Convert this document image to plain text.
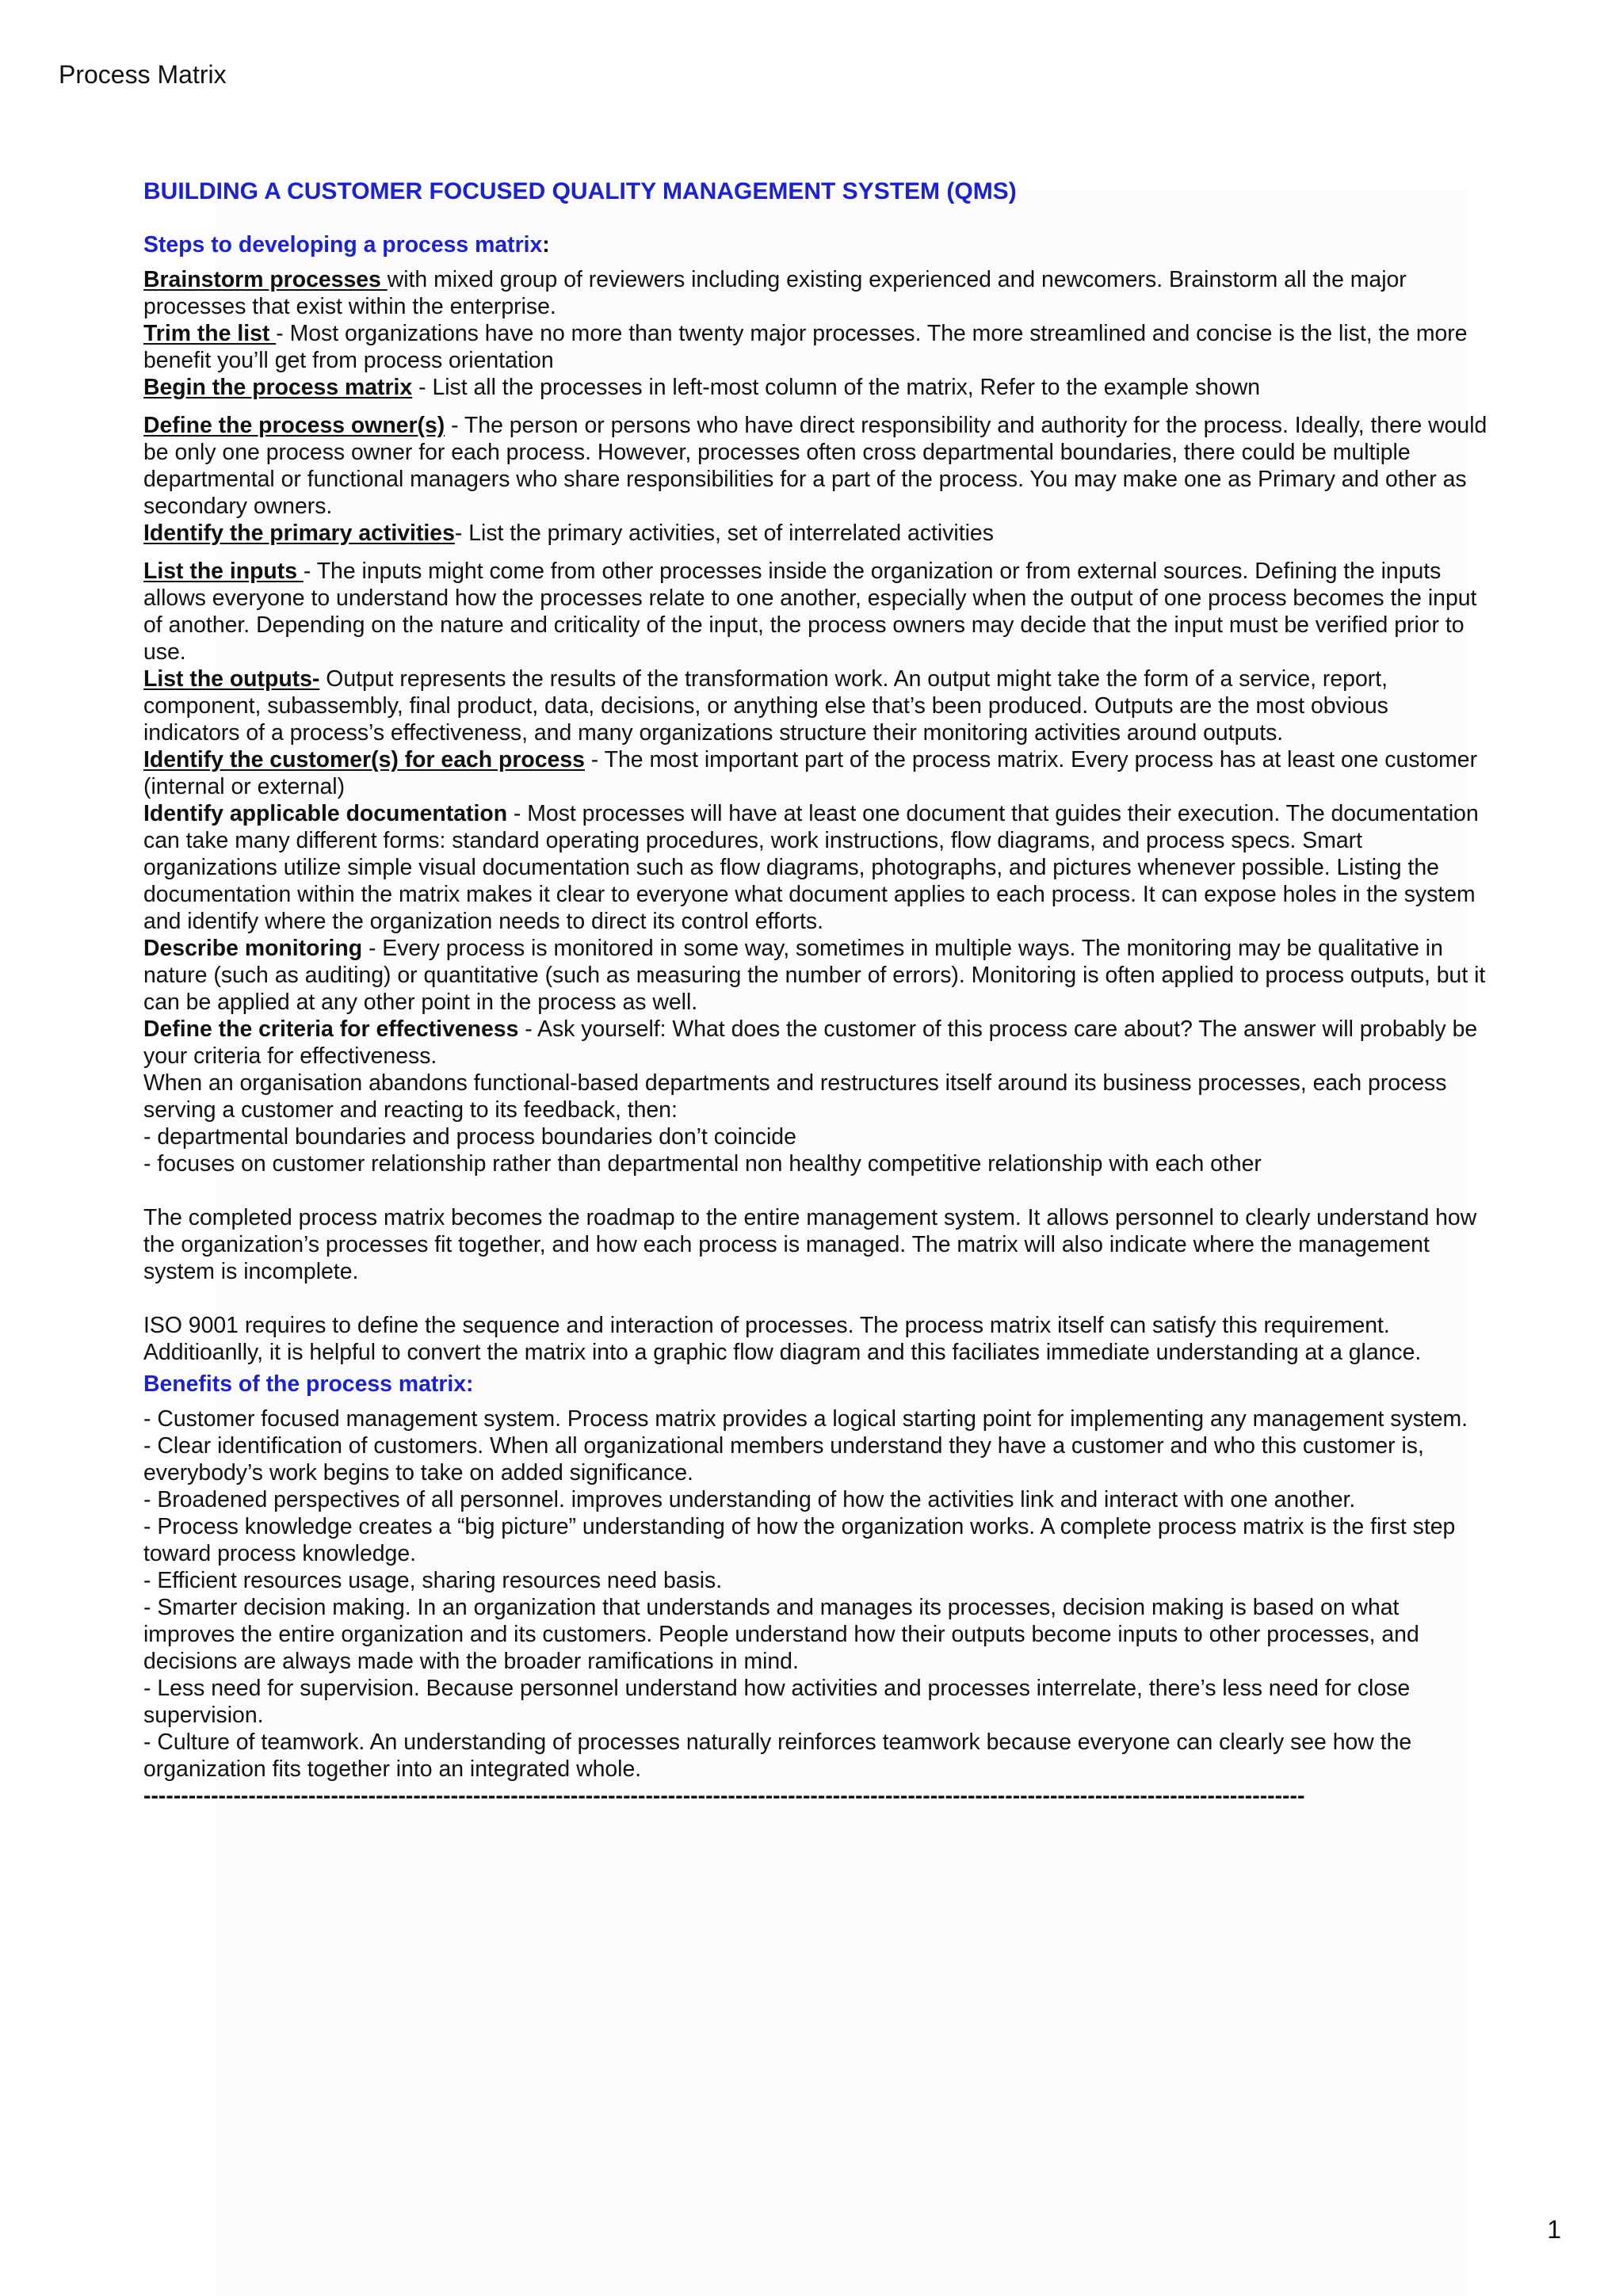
Process Matrix
BUILDING A CUSTOMER FOCUSED QUALITY MANAGEMENT SYSTEM (QMS)
Steps to developing a process matrix:

Brainstorm processes with mixed group of reviewers including existing experienced and newcomers. Brainstorm all the major processes that exist within the enterprise.

Trim the list - Most organizations have no more than twenty major processes. The more streamlined and concise is the list, the more benefit you’ll get from process orientation

Begin the process matrix - List all the processes in left-most column of the matrix, Refer to the example shown

Define the process owner(s) - The person or persons who have direct responsibility and authority for the process. Ideally, there would be only one process owner for each process. However, processes often cross departmental boundaries, there could be multiple departmental or functional managers who share responsibilities for a part of the process. You may make one as Primary and other as secondary owners.

Identify the primary activities- List the primary activities, set of interrelated activities

List the inputs - The inputs might come from other processes inside the organization or from external sources. Defining the inputs allows everyone to understand how the processes relate to one another, especially when the output of one process becomes the input of another. Depending on the nature and criticality of the input, the process owners may decide that the input must be verified prior to use.

List the outputs- Output represents the results of the transformation work. An output might take the form of a service, report, component, subassembly, final product, data, decisions, or anything else that’s been produced. Outputs are the most obvious indicators of a process’s effectiveness, and many organizations structure their monitoring activities around outputs.

Identify the customer(s) for each process - The most important part of the process matrix. Every process has at least one customer (internal or external)

Identify applicable documentation - Most processes will have at least one document that guides their execution. The documentation can take many different forms: standard operating procedures, work instructions, flow diagrams, and process specs. Smart organizations utilize simple visual documentation such as flow diagrams, photographs, and pictures whenever possible. Listing the documentation within the matrix makes it clear to everyone what document applies to each process. It can expose holes in the system and identify where the organization needs to direct its control efforts.

Describe monitoring - Every process is monitored in some way, sometimes in multiple ways. The monitoring may be qualitative in nature (such as auditing) or quantitative (such as measuring the number of errors). Monitoring is often applied to process outputs, but it can be applied at any other point in the process as well.

Define the criteria for effectiveness - Ask yourself: What does the customer of this process care about? The answer will probably be your criteria for effectiveness.

When an organisation abandons functional-based departments and restructures itself around its business processes, each process serving a customer and reacting to its feedback, then:

- departmental boundaries and process boundaries don’t coincide

- focuses on customer relationship rather than departmental non healthy competitive relationship with each other

The completed process matrix becomes the roadmap to the entire management system. It allows personnel to clearly understand how the organization’s processes fit together, and how each process is managed. The matrix will also indicate where the management system is incomplete.

ISO 9001 requires to define the sequence and interaction of processes. The process matrix itself can satisfy this requirement. Additioanlly, it is helpful to convert the matrix into a graphic flow diagram and this faciliates immediate understanding at a glance.

Benefits of the process matrix:

- Customer focused management system. Process matrix provides a logical starting point for implementing any management system.

- Clear identification of customers. When all organizational members understand they have a customer and who this customer is, everybody’s work begins to take on added significance.

- Broadened perspectives of all personnel. improves understanding of how the activities link and interact with one another.

- Process knowledge creates a “big picture” understanding of how the organization works. A complete process matrix is the first step toward process knowledge.

- Efficient resources usage, sharing resources need basis.

- Smarter decision making. In an organization that understands and manages its processes, decision making is based on what improves the entire organization and its customers. People understand how their outputs become inputs to other processes, and decisions are always made with the broader ramifications in mind.

- Less need for supervision. Because personnel understand how activities and processes interrelate, there’s less need for close supervision.

- Culture of teamwork. An understanding of processes naturally reinforces teamwork because everyone can clearly see how the organization fits together into an integrated whole.

-----------------------------------------------------------------------------------------------------------------------------------------------------------
1
